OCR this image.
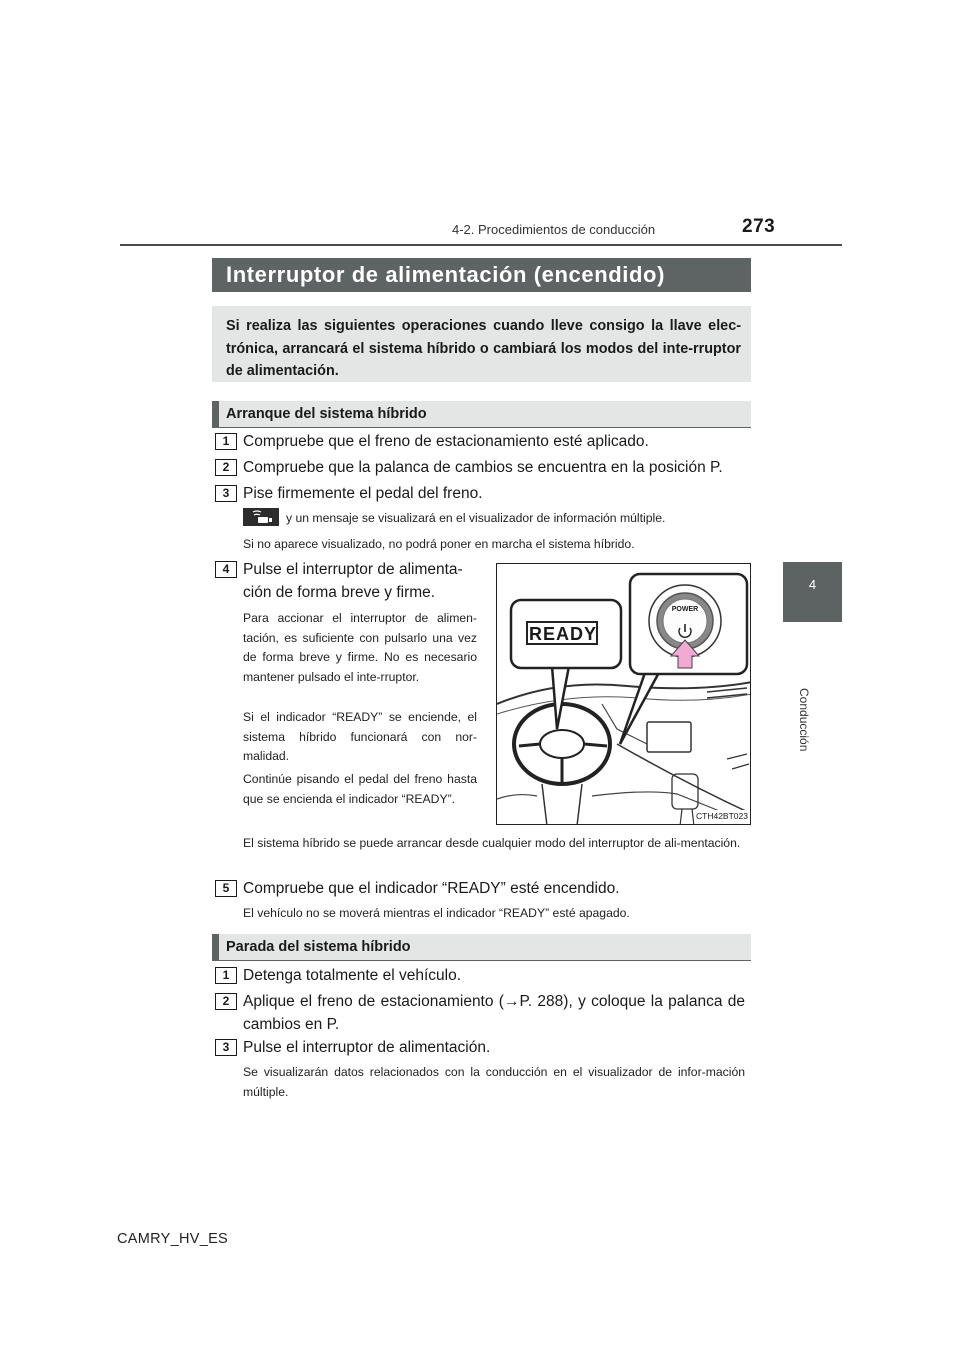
4-2. Procedimientos de conducción	273
4
Conducción
Interruptor de alimentación (encendido)
Si realiza las siguientes operaciones cuando lleve consigo la llave elec-trónica, arrancará el sistema híbrido o cambiará los modos del inte-rruptor de alimentación.
Arranque del sistema híbrido
1 Compruebe que el freno de estacionamiento esté aplicado.
2 Compruebe que la palanca de cambios se encuentra en la posición P.
3 Pise firmemente el pedal del freno.
y un mensaje se visualizará en el visualizador de información múltiple.
Si no aparece visualizado, no podrá poner en marcha el sistema híbrido.
4 Pulse el interruptor de alimenta-
ción de forma breve y firme.
Para accionar el interruptor de alimen-tación, es suficiente con pulsarlo una vez de forma breve y firme. No es necesario mantener pulsado el inte-rruptor.
Si el indicador “READY” se enciende, el sistema híbrido funcionará con nor-malidad.
Continúe pisando el pedal del freno hasta que se encienda el indicador “READY”.
El sistema híbrido se puede arrancar desde cualquier modo del interruptor de ali-mentación.
READY
POWER
CTH42BT023
5 Compruebe que el indicador “READY” esté encendido.
El vehículo no se moverá mientras el indicador “READY” esté apagado.
Parada del sistema híbrido
1 Detenga totalmente el vehículo.
2 Aplique el freno de estacionamiento (→P. 288), y coloque la palanca de
cambios en P.
3 Pulse el interruptor de alimentación.
Se visualizarán datos relacionados con la conducción en el visualizador de infor-mación múltiple.
CAMRY_HV_ES
